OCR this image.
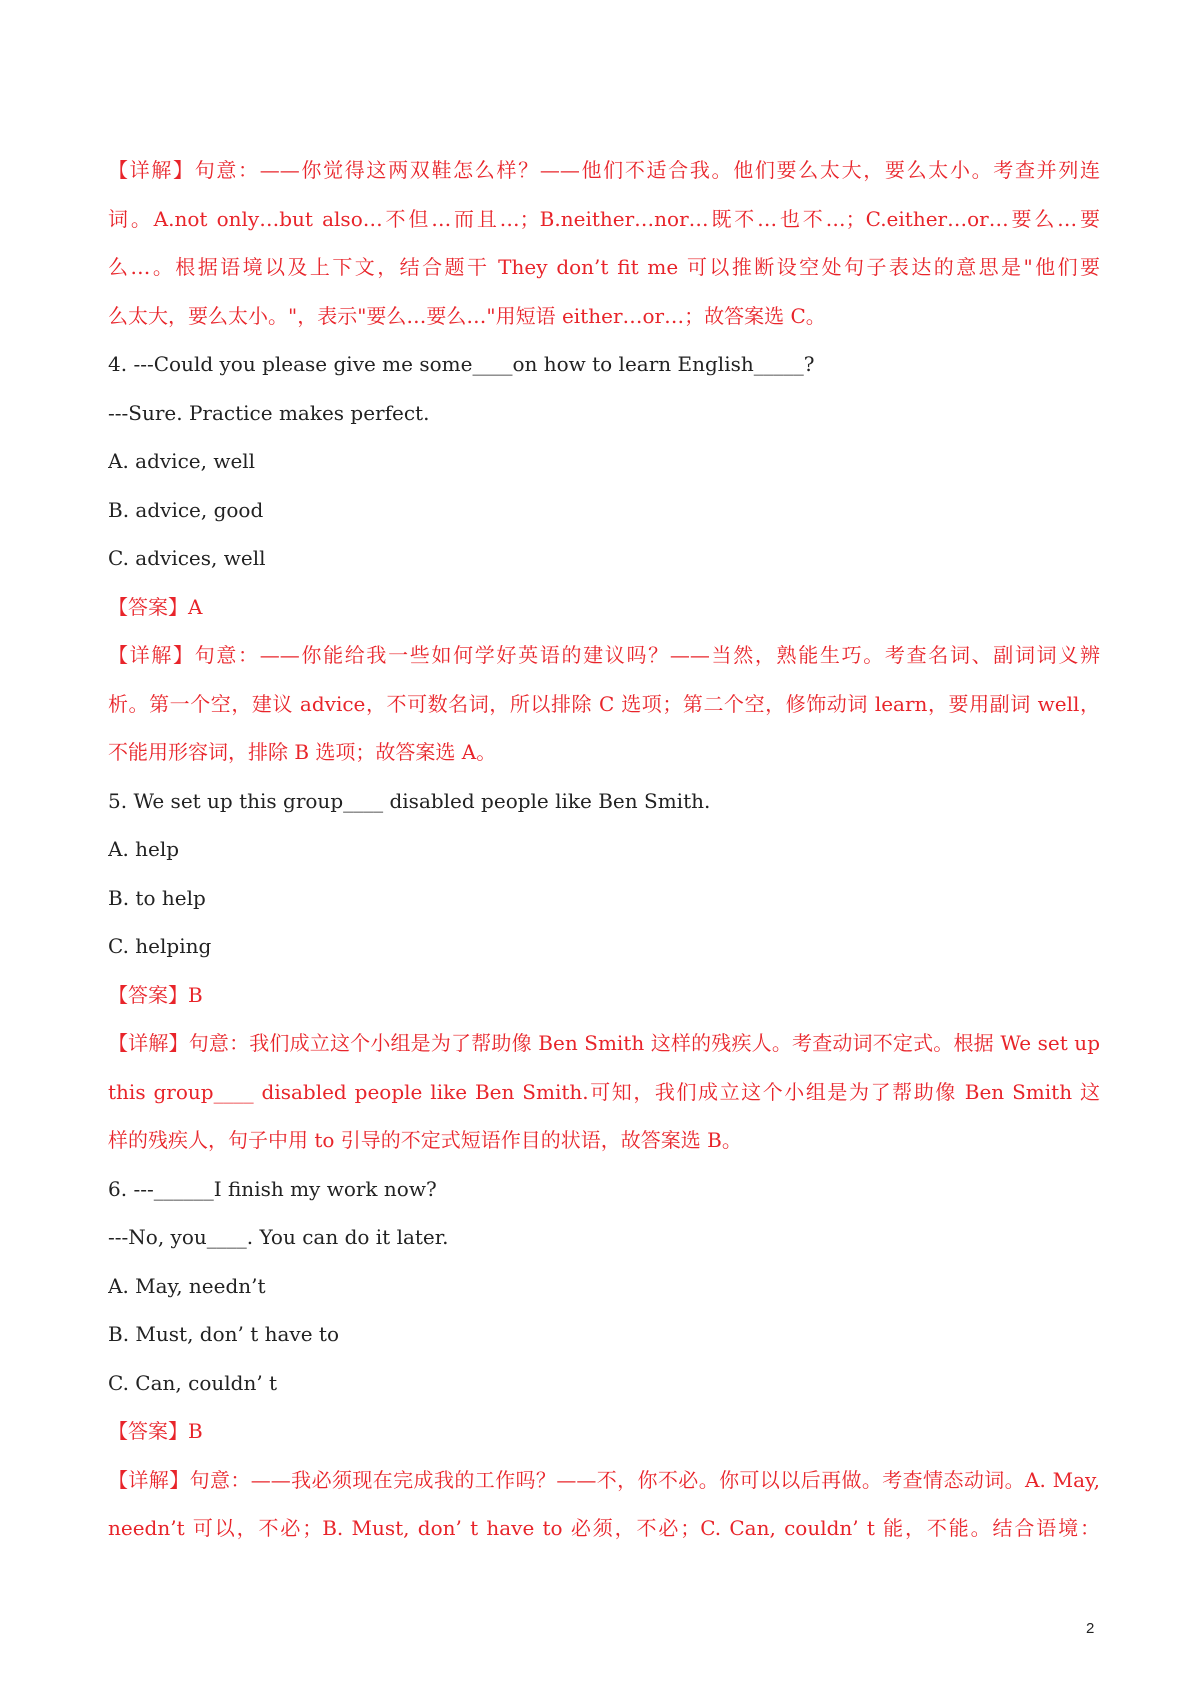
【详解】句意：——你觉得这两双鞋怎么样？——他们不适合我。他们要么太大，要么太小。考查并列连
词。A.not only…but also…不但…而且…；B.neither…nor…既不…也不…；C.either…or…要么…要
么…。根据语境以及上下文，结合题干 They don’t fit me 可以推断设空处句子表达的意思是"他们要
么太大，要么太小。"，表示"要么…要么…"用短语 either…or…；故答案选 C。
4. ---Could you please give me some____on how to learn English_____?
---Sure. Practice makes perfect.
A. advice, well
B. advice, good
C. advices, well
【答案】A
【详解】句意：——你能给我一些如何学好英语的建议吗？——当然，熟能生巧。考查名词、副词词义辨
析。第一个空，建议 advice，不可数名词，所以排除 C 选项；第二个空，修饰动词 learn，要用副词 well，
不能用形容词，排除 B 选项；故答案选 A。
5. We set up this group____ disabled people like Ben Smith.
A. help
B. to help
C. helping
【答案】B
【详解】句意：我们成立这个小组是为了帮助像 Ben Smith 这样的残疾人。考查动词不定式。根据 We set up
this group____ disabled people like Ben Smith.可知，我们成立这个小组是为了帮助像 Ben Smith 这
样的残疾人，句子中用 to 引导的不定式短语作目的状语，故答案选 B。
6. ---______I finish my work now?
---No, you____. You can do it later.
A. May, needn’t
B. Must, don’ t have to
C. Can, couldn’ t
【答案】B
【详解】句意：——我必须现在完成我的工作吗？——不，你不必。你可以以后再做。考查情态动词。A. May,
needn’t 可以，不必；B. Must, don’ t have to 必须，不必；C. Can, couldn’ t 能，不能。结合语境：
2
